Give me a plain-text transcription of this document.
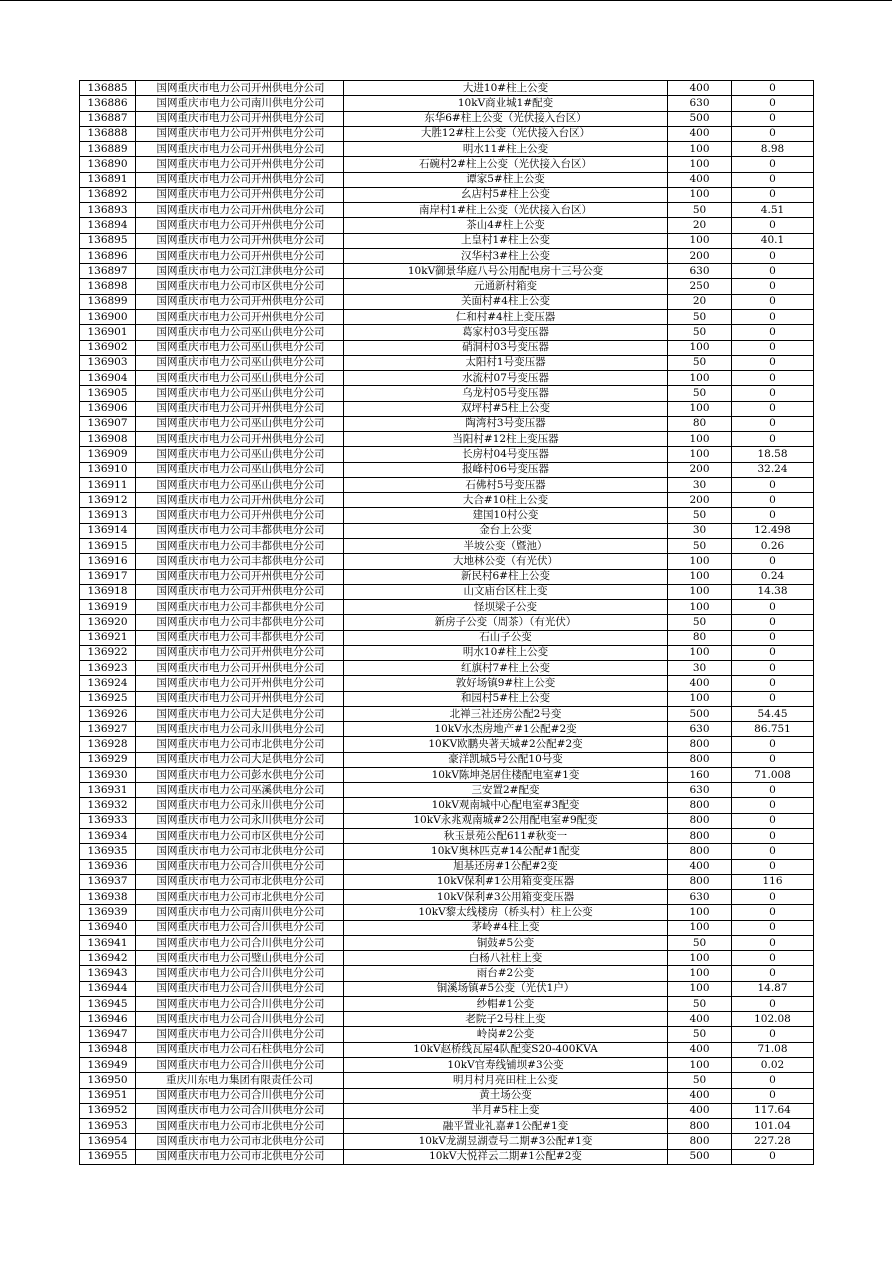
136885	国网重庆市电力公司开州供电分公司	大进10#柱上公变	400	0
136886	国网重庆市电力公司南川供电分公司	10kV商业城1#配变	630	0
136887	国网重庆市电力公司开州供电分公司	东华6#柱上公变（光伏接入台区）	500	0
136888	国网重庆市电力公司开州供电分公司	大胜12#柱上公变（光伏接入台区）	400	0
136889	国网重庆市电力公司开州供电分公司	明水11#柱上公变	100	8.98
136890	国网重庆市电力公司开州供电分公司	石碗村2#柱上公变（光伏接入台区）	100	0
136891	国网重庆市电力公司开州供电分公司	谭家5#柱上公变	400	0
136892	国网重庆市电力公司开州供电分公司	幺店村5#柱上公变	100	0
136893	国网重庆市电力公司开州供电分公司	南岸村1#柱上公变（光伏接入台区）	50	4.51
136894	国网重庆市电力公司开州供电分公司	茶山4#柱上公变	20	0
136895	国网重庆市电力公司开州供电分公司	上皇村1#柱上公变	100	40.1
136896	国网重庆市电力公司开州供电分公司	汉华村3#柱上公变	200	0
136897	国网重庆市电力公司江津供电分公司	10kV御景华庭八号公用配电房十三号公变	630	0
136898	国网重庆市电力公司市区供电分公司	元通新村箱变	250	0
136899	国网重庆市电力公司开州供电分公司	关面村#4柱上公变	20	0
136900	国网重庆市电力公司开州供电分公司	仁和村#4柱上变压器	50	0
136901	国网重庆市电力公司巫山供电分公司	葛家村03号变压器	50	0
136902	国网重庆市电力公司巫山供电分公司	硝洞村03号变压器	100	0
136903	国网重庆市电力公司巫山供电分公司	太阳村1号变压器	50	0
136904	国网重庆市电力公司巫山供电分公司	水流村07号变压器	100	0
136905	国网重庆市电力公司巫山供电分公司	乌龙村05号变压器	50	0
136906	国网重庆市电力公司开州供电分公司	双坪村#5柱上公变	100	0
136907	国网重庆市电力公司巫山供电分公司	陶湾村3号变压器	80	0
136908	国网重庆市电力公司开州供电分公司	当阳村#12柱上变压器	100	0
136909	国网重庆市电力公司巫山供电分公司	长房村04号变压器	100	18.58
136910	国网重庆市电力公司巫山供电分公司	报峰村06号变压器	200	32.24
136911	国网重庆市电力公司巫山供电分公司	石佛村5号变压器	30	0
136912	国网重庆市电力公司开州供电分公司	大合#10柱上公变	200	0
136913	国网重庆市电力公司开州供电分公司	建国10村公变	50	0
136914	国网重庆市电力公司丰都供电分公司	金台上公变	30	12.498
136915	国网重庆市电力公司丰都供电分公司	半坡公变（暨池）	50	0.26
136916	国网重庆市电力公司丰都供电分公司	大地林公变（有光伏）	100	0
136917	国网重庆市电力公司开州供电分公司	新民村6#柱上公变	100	0.24
136918	国网重庆市电力公司开州供电分公司	山文庙台区柱上变	100	14.38
136919	国网重庆市电力公司丰都供电分公司	怪坝梁子公变	100	0
136920	国网重庆市电力公司丰都供电分公司	新房子公变（周茶）（有光伏）	50	0
136921	国网重庆市电力公司丰都供电分公司	石山子公变	80	0
136922	国网重庆市电力公司开州供电分公司	明水10#柱上公变	100	0
136923	国网重庆市电力公司开州供电分公司	红旗村7#柱上公变	30	0
136924	国网重庆市电力公司开州供电分公司	敦好场镇9#柱上公变	400	0
136925	国网重庆市电力公司开州供电分公司	和园村5#柱上公变	100	0
136926	国网重庆市电力公司大足供电分公司	北禅三社还房公配2号变	500	54.45
136927	国网重庆市电力公司永川供电分公司	10kV水杰房地产#1公配#2变	630	86.751
136928	国网重庆市电力公司市北供电分公司	10KV欧鹏央著天城#2公配#2变	800	0
136929	国网重庆市电力公司大足供电分公司	豪洋凯城5号公配10号变	800	0
136930	国网重庆市电力公司彭水供电分公司	10kV陈坤尧居住楼配电室#1变	160	71.008
136931	国网重庆市电力公司巫溪供电分公司	三安置2#配变	630	0
136932	国网重庆市电力公司永川供电分公司	10kV观南城中心配电室#3配变	800	0
136933	国网重庆市电力公司永川供电分公司	10kV永兆观南城#2公用配电室#9配变	800	0
136934	国网重庆市电力公司市区供电分公司	秋玉景苑公配611#秋变一	800	0
136935	国网重庆市电力公司市北供电分公司	10kV奥林匹克#14公配#1配变	800	0
136936	国网重庆市电力公司合川供电分公司	旭基还房#1公配#2变	400	0
136937	国网重庆市电力公司市北供电分公司	10kV保利#1公用箱变变压器	800	116
136938	国网重庆市电力公司市北供电分公司	10kV保利#3公用箱变变压器	630	0
136939	国网重庆市电力公司南川供电分公司	10kV黎太线楼房（桥头村）柱上公变	100	0
136940	国网重庆市电力公司合川供电分公司	茅岭#4柱上变	100	0
136941	国网重庆市电力公司合川供电分公司	铜鼓#5公变	50	0
136942	国网重庆市电力公司璧山供电分公司	白杨八社柱上变	100	0
136943	国网重庆市电力公司合川供电分公司	雨台#2公变	100	0
136944	国网重庆市电力公司合川供电分公司	铜溪场镇#5公变（光伏1户）	100	14.87
136945	国网重庆市电力公司合川供电分公司	纱帽#1公变	50	0
136946	国网重庆市电力公司合川供电分公司	老院子2号柱上变	400	102.08
136947	国网重庆市电力公司合川供电分公司	岭岗#2公变	50	0
136948	国网重庆市电力公司石柱供电分公司	10kV赵桥线瓦屋4队配变S20-400KVA	400	71.08
136949	国网重庆市电力公司合川供电分公司	10kV官寿线铺坝#3公变	100	0.02
136950	重庆川东电力集团有限责任公司	明月村月亮田柱上公变	50	0
136951	国网重庆市电力公司合川供电分公司	黄土场公变	400	0
136952	国网重庆市电力公司合川供电分公司	半月#5柱上变	400	117.64
136953	国网重庆市电力公司市北供电分公司	融平置业礼嘉#1公配#1变	800	101.04
136954	国网重庆市电力公司市北供电分公司	10kV龙湖昱湖壹号二期#3公配#1变	800	227.28
136955	国网重庆市电力公司市北供电分公司	10kV大悦祥云二期#1公配#2变	500	0
